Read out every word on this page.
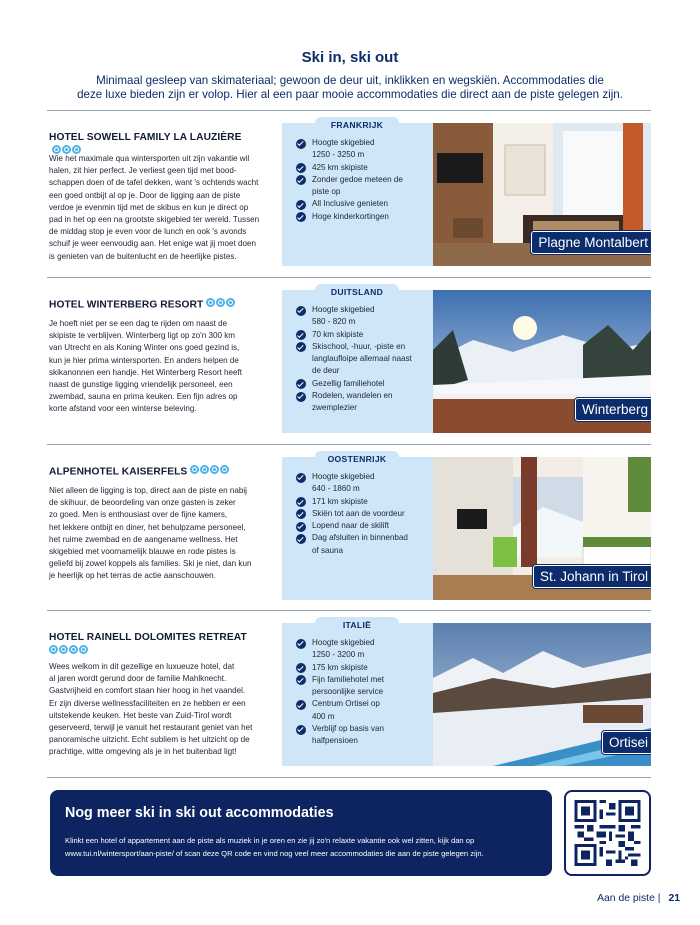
Ski in, ski out
Minimaal gesleep van skimateriaal; gewoon de deur uit, inklikken en wegskiën. Accommodaties die
deze luxe bieden zijn er volop. Hier al een paar mooie accommodaties die direct aan de piste gelegen zijn.
HOTEL SOWELL FAMILY LA LAUZIÈRE
Wie het maximale qua wintersporten uit zijn vakantie wil
halen, zit hier perfect. Je verliest geen tijd met bood-
schappen doen of de tafel dekken, want 's ochtends wacht
een goed ontbijt al op je. Door de ligging aan de piste
verdoe je evenmin tijd met de skibus en kun je direct op
pad in het op een na grootste skigebied ter wereld. Tussen
de middag stop je even voor de lunch en ook 's avonds
schuif je weer eenvoudig aan. Het enige wat jij moet doen
is genieten van de buitenlucht en de heerlijke pistes.
FRANKRIJK
Hoogte skigebied
1250 - 3250 m
425 km skipiste
Zonder gedoe meteen de
piste op
All Inclusive genieten
Hoge kinderkortingen
Plagne Montalbert
HOTEL WINTERBERG RESORT
Je hoeft niet per se een dag te rijden om naast de
skipiste te verblijven. Winterberg ligt op zo'n 300 km
van Utrecht en als Koning Winter ons goed gezind is,
kun je hier prima wintersporten. En anders helpen de
skikanonnen een handje. Het Winterberg Resort heeft
naast de gunstige ligging vriendelijk personeel, een
zwembad, sauna en prima keuken. Een fijn adres op
korte afstand voor een winterse beleving.
DUITSLAND
Hoogte skigebied
580 - 820 m
70 km skipiste
Skischool, -huur, -piste en
langlaufloipe allemaal naast
de deur
Gezellig familiehotel
Rodelen, wandelen en
zwemplezier	Winterberg
ALPENHOTEL KAISERFELS
Niet alleen de ligging is top, direct aan de piste en nabij
de skihuur, de beoordeling van onze gasten is zeker
zo goed. Men is enthousiast over de fijne kamers,
het lekkere ontbijt en diner, het behulpzame personeel,
het ruime zwembad en de aangename wellness. Het
skigebied met voornamelijk blauwe en rode pistes is
geliefd bij zowel koppels als families. Ski je niet, dan kun
je heerlijk op het terras de actie aanschouwen.
OOSTENRIJK
Hoogte skigebied
640 - 1860 m
171 km skipiste
Skiën tot aan de voordeur
Lopend naar de skilift
Dag afsluiten in binnenbad
of sauna
St. Johann in Tirol
HOTEL RAINELL DOLOMITES RETREAT

Wees welkom in dit gezellige en luxueuze hotel, dat
al jaren wordt gerund door de familie Mahlknecht.
Gastvrijheid en comfort staan hier hoog in het vaandel.
Er zijn diverse wellnessfaciliteiten en ze hebben er een
uitstekende keuken. Het beste van Zuid-Tirol wordt
geserveerd, terwijl je vanuit het restaurant geniet van het
panoramische uitzicht. Echt subliem is het uitzicht op de
prachtige, witte omgeving als je in het buitenbad ligt!
ITALIË
Hoogte skigebied
1250 - 3200 m
175 km skipiste
Fijn familiehotel met
persoonlijke service
Centrum Ortisei op
400 m
Verblijf op basis van
halfpensioen	Ortisei
Nog meer ski in ski out accommodaties
Klinkt een hotel of appartement aan de piste als muziek in je oren en zie jij zo'n relaxte vakantie ook wel zitten, kijk dan op
www.tui.nl/wintersport/aan-piste/ of scan deze QR code en vind nog veel meer accommodaties die aan de piste gelegen zijn.
Aan de piste | 21
